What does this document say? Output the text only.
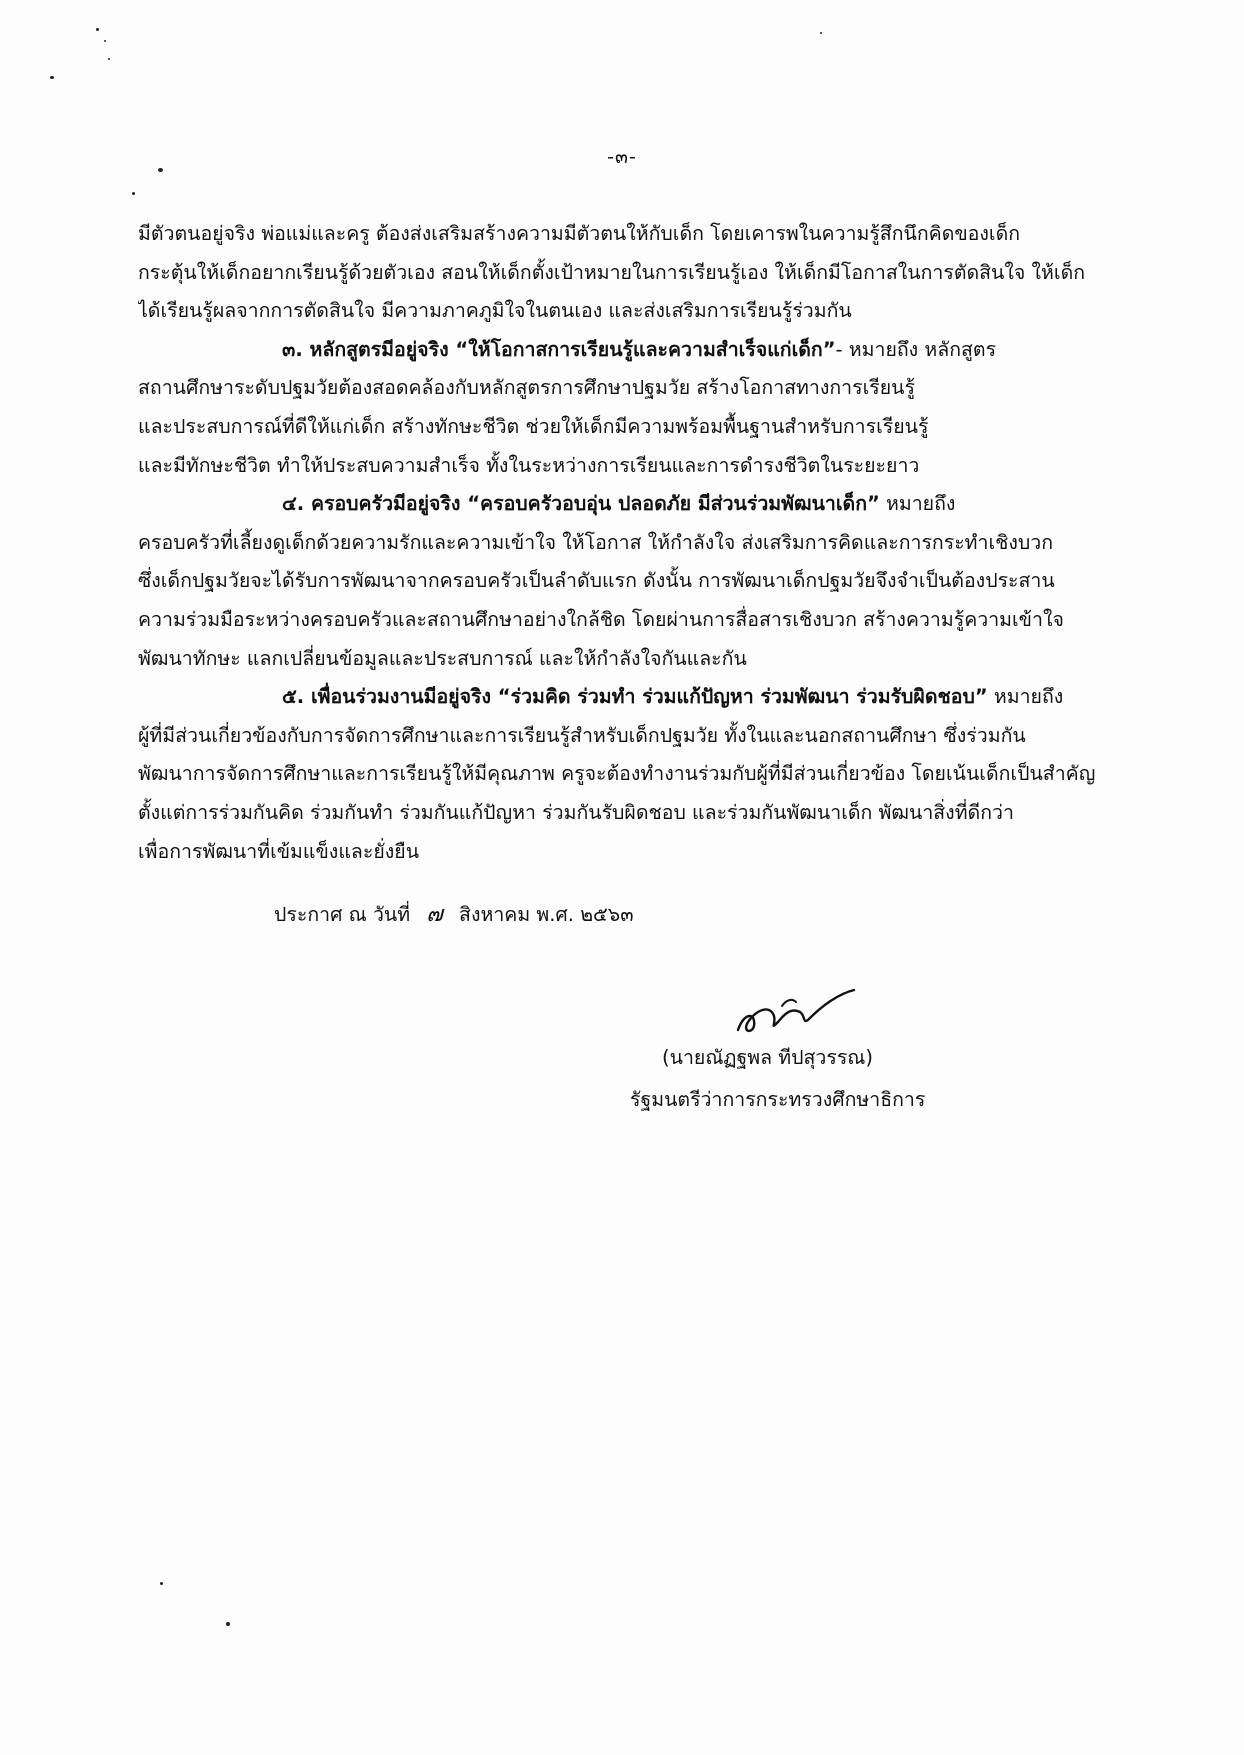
-๓-
มีตัวตนอยู่จริง พ่อแม่และครู ต้องส่งเสริมสร้างความมีตัวตนให้กับเด็ก โดยเคารพในความรู้สึกนึกคิดของเด็ก
กระตุ้นให้เด็กอยากเรียนรู้ด้วยตัวเอง สอนให้เด็กตั้งเป้าหมายในการเรียนรู้เอง ให้เด็กมีโอกาสในการตัดสินใจ ให้เด็ก
ได้เรียนรู้ผลจากการตัดสินใจ มีความภาคภูมิใจในตนเอง และส่งเสริมการเรียนรู้ร่วมกัน
๓. หลักสูตรมีอยู่จริง “ให้โอกาสการเรียนรู้และความสำเร็จแก่เด็ก”- หมายถึง หลักสูตร
สถานศึกษาระดับปฐมวัยต้องสอดคล้องกับหลักสูตรการศึกษาปฐมวัย สร้างโอกาสทางการเรียนรู้
และประสบการณ์ที่ดีให้แก่เด็ก สร้างทักษะชีวิต ช่วยให้เด็กมีความพร้อมพื้นฐานสำหรับการเรียนรู้
และมีทักษะชีวิต ทำให้ประสบความสำเร็จ ทั้งในระหว่างการเรียนและการดำรงชีวิตในระยะยาว
๔. ครอบครัวมีอยู่จริง “ครอบครัวอบอุ่น ปลอดภัย มีส่วนร่วมพัฒนาเด็ก” หมายถึง
ครอบครัวที่เลี้ยงดูเด็กด้วยความรักและความเข้าใจ ให้โอกาส ให้กำลังใจ ส่งเสริมการคิดและการกระทำเชิงบวก
ซึ่งเด็กปฐมวัยจะได้รับการพัฒนาจากครอบครัวเป็นลำดับแรก ดังนั้น การพัฒนาเด็กปฐมวัยจึงจำเป็นต้องประสาน
ความร่วมมือระหว่างครอบครัวและสถานศึกษาอย่างใกล้ชิด โดยผ่านการสื่อสารเชิงบวก สร้างความรู้ความเข้าใจ
พัฒนาทักษะ แลกเปลี่ยนข้อมูลและประสบการณ์ และให้กำลังใจกันและกัน
๕. เพื่อนร่วมงานมีอยู่จริง “ร่วมคิด ร่วมทำ ร่วมแก้ปัญหา ร่วมพัฒนา ร่วมรับผิดชอบ” หมายถึง
ผู้ที่มีส่วนเกี่ยวข้องกับการจัดการศึกษาและการเรียนรู้สำหรับเด็กปฐมวัย ทั้งในและนอกสถานศึกษา ซึ่งร่วมกัน
พัฒนาการจัดการศึกษาและการเรียนรู้ให้มีคุณภาพ ครูจะต้องทำงานร่วมกับผู้ที่มีส่วนเกี่ยวข้อง โดยเน้นเด็กเป็นสำคัญ
ตั้งแต่การร่วมกันคิด ร่วมกันทำ ร่วมกันแก้ปัญหา ร่วมกันรับผิดชอบ และร่วมกันพัฒนาเด็ก พัฒนาสิ่งที่ดีกว่า
เพื่อการพัฒนาที่เข้มแข็งและยั่งยืน
ประกาศ ณ วันที่ ๗ สิงหาคม พ.ศ. ๒๕๖๓
(นายณัฏฐพล ทีปสุวรรณ)
รัฐมนตรีว่าการกระทรวงศึกษาธิการ
